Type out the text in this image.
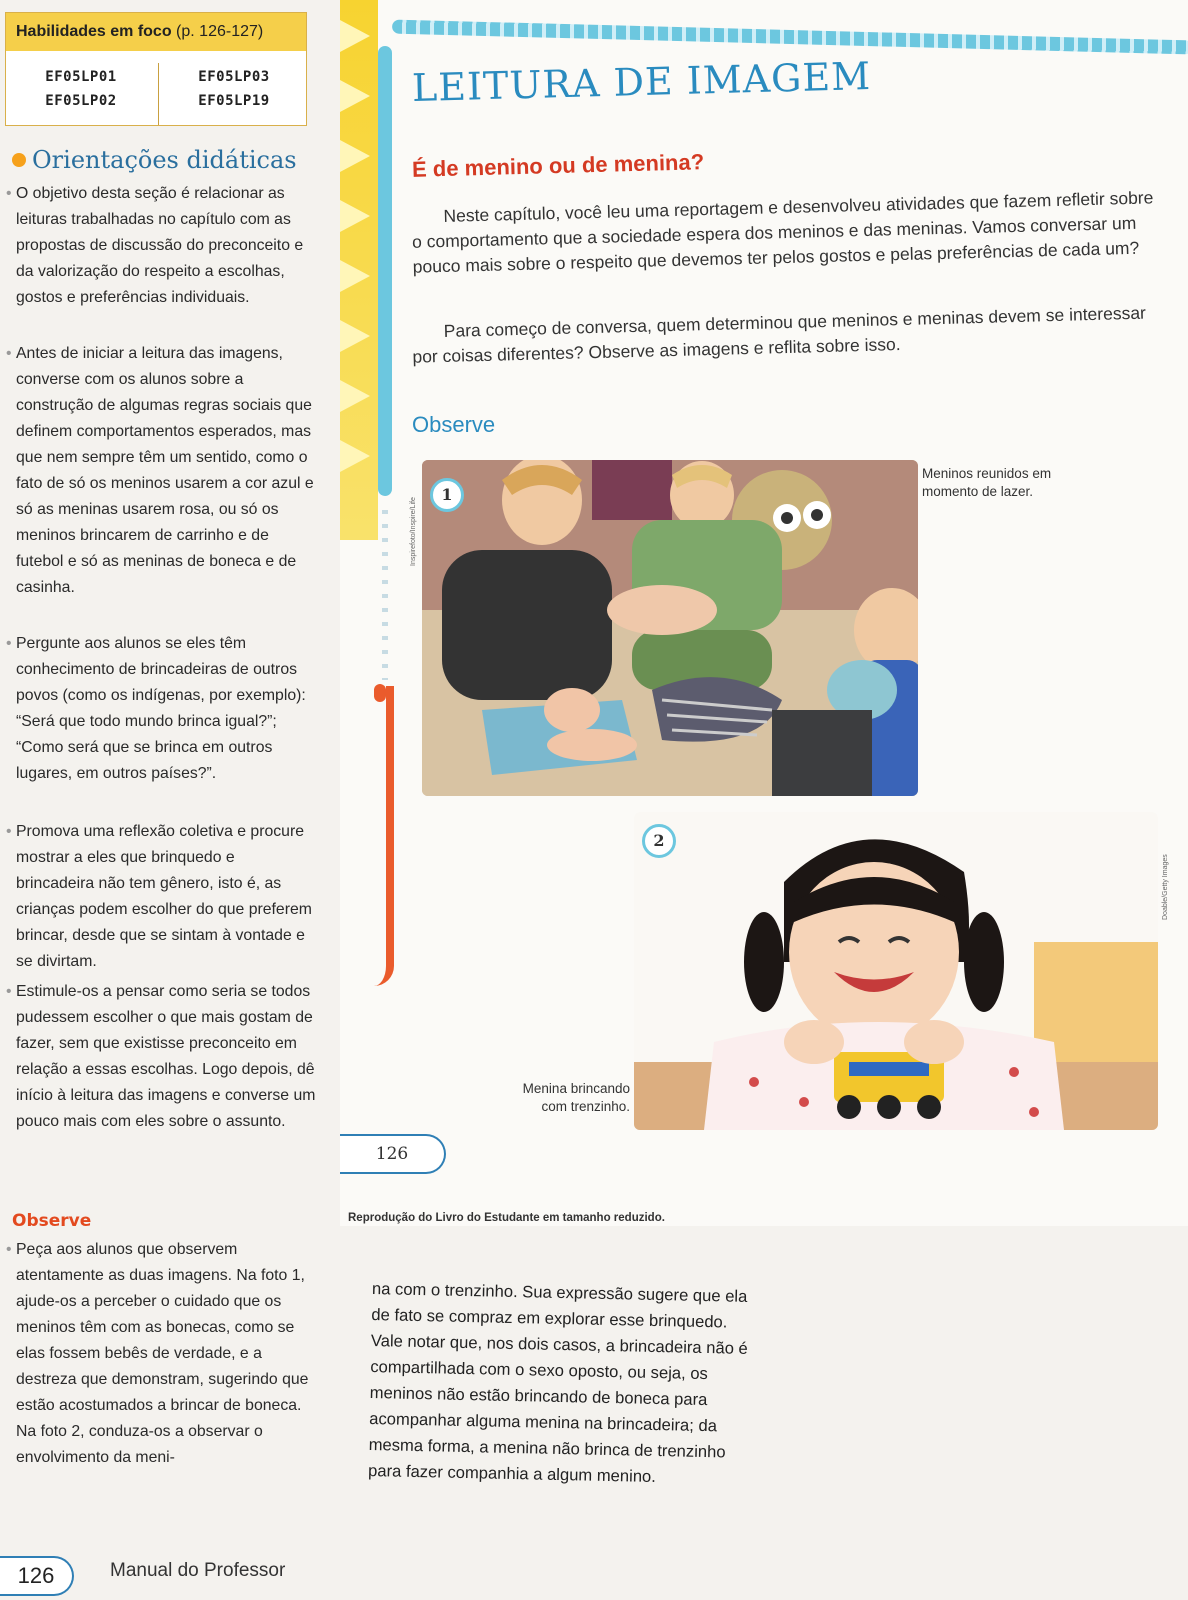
Habilidades em foco (p. 126-127)
EF05LP01	EF05LP03
EF05LP02	EF05LP19
Orientações didáticas
• O objetivo desta seção é relacionar as leituras trabalhadas no capítulo com as propostas de discussão do preconceito e da valorização do respeito a escolhas, gostos e preferências individuais.

• Antes de iniciar a leitura das imagens, converse com os alunos sobre a construção de algumas regras sociais que definem comportamentos esperados, mas que nem sempre têm um sentido, como o fato de só os meninos usarem a cor azul e só as meninas usarem rosa, ou só os meninos brincarem de carrinho e de futebol e só as meninas de boneca e de casinha.

• Pergunte aos alunos se eles têm conhecimento de brincadeiras de outros povos (como os indígenas, por exemplo): “Será que todo mundo brinca igual?”; “Como será que se brinca em outros lugares, em outros países?”.

• Promova uma reflexão coletiva e procure mostrar a eles que brinquedo e brincadeira não tem gênero, isto é, as crianças podem escolher do que preferem brincar, desde que se sintam à vontade e se divirtam.

• Estimule-os a pensar como seria se todos pudessem escolher o que mais gostam de fazer, sem que existisse preconceito em relação a essas escolhas. Logo depois, dê início à leitura das imagens e converse um pouco mais com eles sobre o assunto.

Observe
• Peça aos alunos que observem atentamente as duas imagens. Na foto 1, ajude-os a perceber o cuidado que os meninos têm com as bonecas, como se elas fossem bebês de verdade, e a destreza que demonstram, sugerindo que estão acostumados a brincar de boneca. Na foto 2, conduza-os a observar o envolvimento da meni-

126	Manual do Professor
LEITURA DE IMAGEM
É de menino ou de menina?
Neste capítulo, você leu uma reportagem e desenvolveu atividades que fazem refletir sobre o comportamento que a sociedade espera dos meninos e das meninas. Vamos conversar um pouco mais sobre o respeito que devemos ter pelos gostos e pelas preferências de cada um?
Para começo de conversa, quem determinou que meninos e meninas devem se interessar por coisas diferentes? Observe as imagens e reflita sobre isso.
Observe
1
Inspirefoto/Inspire/Life
Meninos reunidos em momento de lazer.
2
Doable/Getty Images
Menina brincando com trenzinho.
126
Reprodução do Livro do Estudante em tamanho reduzido.
na com o trenzinho. Sua expressão sugere que ela de fato se compraz em explorar esse brinquedo. Vale notar que, nos dois casos, a brincadeira não é compartilhada com o sexo oposto, ou seja, os meninos não estão brincando de boneca para acompanhar alguma menina na brincadeira; da mesma forma, a menina não brinca de trenzinho para fazer companhia a algum menino.
